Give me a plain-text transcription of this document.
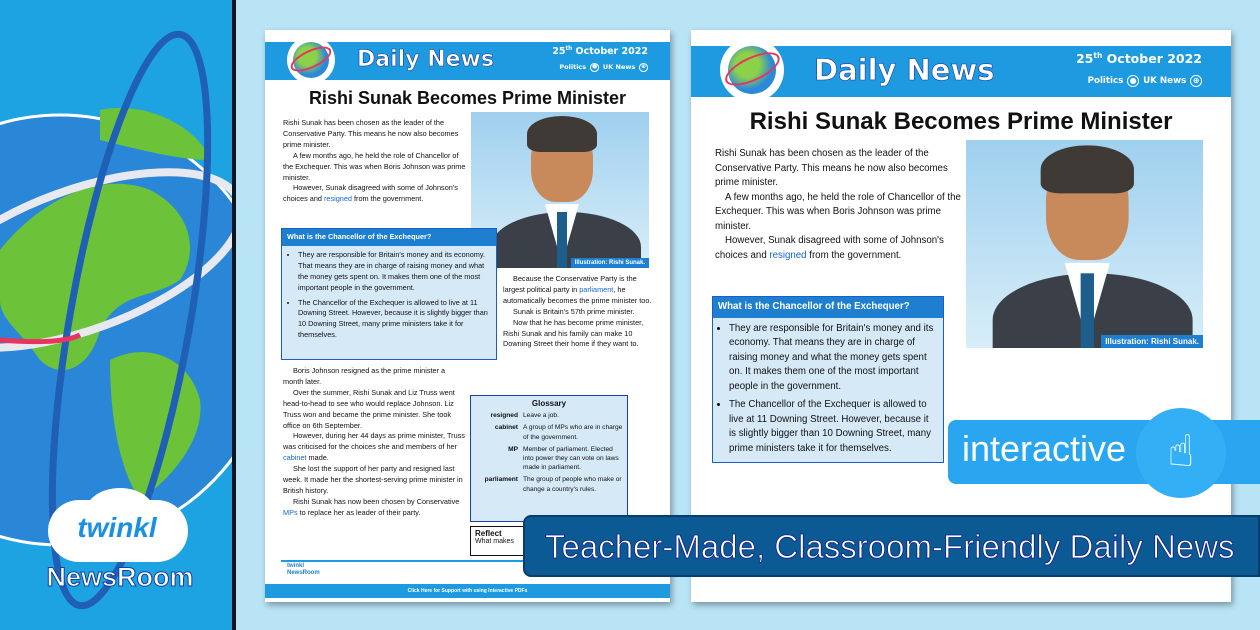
twinkl
NewsRoom
Daily News	25th October 2022
Politics ● UK News	⊕
Rishi Sunak Becomes Prime Minister

Rishi Sunak has been chosen as the leader of the Conservative Party. This means he now also becomes prime minister.

A few months ago, he held the role of Chancellor of the Exchequer. This was when Boris Johnson was prime minister.

However, Sunak disagreed with some of Johnson's choices and resigned from the government.

Illustration: Rishi Sunak.
What is the Chancellor of the Exchequer?
• They are responsible for Britain's money and its economy. That means they are in charge of raising money and what the money gets spent on. It makes them one of the most important people in the government.
• The Chancellor of the Exchequer is allowed to live at 11 Downing Street. However, because it is slightly bigger than 10 Downing Street, many prime ministers take it for themselves.

Because the Conservative Party is the largest political party in parliament, he automatically becomes the prime minister too.

Sunak is Britain's 57th prime minister.

Now that he has become prime minister, Rishi Sunak and his family can make 10 Downing Street their home if they want to.

Boris Johnson resigned as the prime minister a month later.

Over the summer, Rishi Sunak and Liz Truss went head-to-head to see who would replace Johnson. Liz Truss won and became the prime minister. She took office on 6th September.

However, during her 44 days as prime minister, Truss was criticised for the choices she and members of her cabinet made.

She lost the support of her party and resigned last week. It made her the shortest-serving prime minister in British history.

Rishi Sunak has now been chosen by Conservative MPs to replace her as leader of their party.

Glossary
resigned Leave a job.
cabinet A group of MPs who are in charge of the government.
MP Member of parliament. Elected into power they can vote on laws made in parliament.
parliament The group of people who make or change a country's rules.
Reflect
What makes
twinkl
NewsRoom
Click Here for Support with using Interactive PDFs
Daily News	25th October 2022
Politics ● UK News ⊕
Rishi Sunak Becomes Prime Minister

Rishi Sunak has been chosen as the leader of the Conservative Party. This means he now also becomes prime minister.

A few months ago, he held the role of Chancellor of the Exchequer. This was when Boris Johnson was prime minister.

However, Sunak disagreed with some of Johnson's choices and resigned from the government.

Illustration: Rishi Sunak.
What is the Chancellor of the Exchequer?
• They are responsible for Britain's money and its economy. That means they are in charge of raising money and what the money gets spent on. It makes them one of the most important people in the government.
• The Chancellor of the Exchequer is allowed to live at 11 Downing Street. However, because it is slightly bigger than 10 Downing Street, many prime ministers take it for themselves.	interactive ☝
Teacher-Made, Classroom-Friendly Daily News
